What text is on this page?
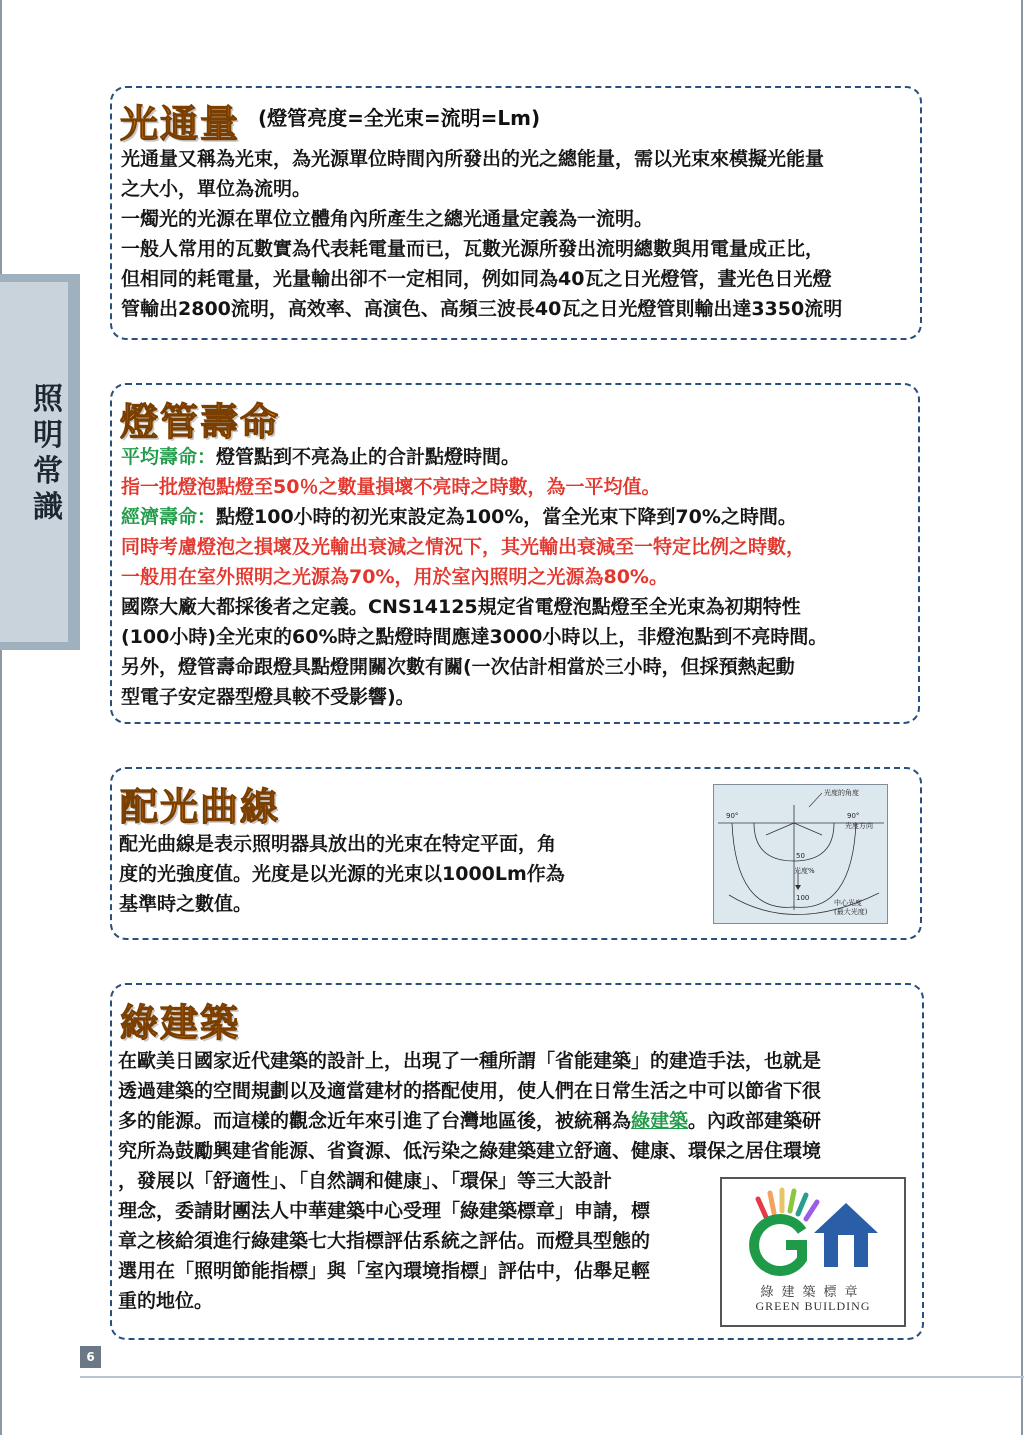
照
明
常
識
光通量 (燈管亮度=全光束=流明=Lm)
光通量又稱為光束，為光源單位時間內所發出的光之總能量，需以光束來模擬光能量
之大小，單位為流明。
一燭光的光源在單位立體角內所產生之總光通量定義為一流明。
一般人常用的瓦數實為代表耗電量而已，瓦數光源所發出流明總數與用電量成正比，
但相同的耗電量，光量輸出卻不一定相同，例如同為40瓦之日光燈管，晝光色日光燈
管輸出2800流明，高效率、高演色、高頻三波長40瓦之日光燈管則輸出達3350流明
燈管壽命
平均壽命：燈管點到不亮為止的合計點燈時間。
指一批燈泡點燈至50％之數量損壞不亮時之時數，為一平均值。
經濟壽命：點燈100小時的初光束設定為100%，當全光束下降到70%之時間。
同時考慮燈泡之損壞及光輸出衰減之情況下，其光輸出衰減至一特定比例之時數，
一般用在室外照明之光源為70%，用於室內照明之光源為80%。
國際大廠大都採後者之定義。CNS14125規定省電燈泡點燈至全光束為初期特性
(100小時)全光束的60%時之點燈時間應達3000小時以上，非燈泡點到不亮時間。
另外，燈管壽命跟燈具點燈開關次數有關(一次估計相當於三小時，但採預熱起動
型電子安定器型燈具較不受影響)。
配光曲線
配光曲線是表示照明器具放出的光束在特定平面，角
度的光強度值。光度是以光源的光束以1000Lm作為
基準時之數值。
光度的角度
90°	90°
光度方向
50
光度%
100
中心光度
(最大光度)
綠建築
在歐美日國家近代建築的設計上，出現了一種所謂「省能建築」的建造手法，也就是
透過建築的空間規劃以及適當建材的搭配使用，使人們在日常生活之中可以節省下很
多的能源。而這樣的觀念近年來引進了台灣地區後，被統稱為綠建築。內政部建築研
究所為鼓勵興建省能源、省資源、低污染之綠建築建立舒適、健康、環保之居住環境
，發展以「舒適性」、「自然調和健康」、「環保」等三大設計
理念，委請財團法人中華建築中心受理「綠建築標章」申請，標
章之核給須進行綠建築七大指標評估系統之評估。而燈具型態的
選用在「照明節能指標」與「室內環境指標」評估中，佔舉足輕
重的地位。	綠建築標章
GREEN BUILDING
6
